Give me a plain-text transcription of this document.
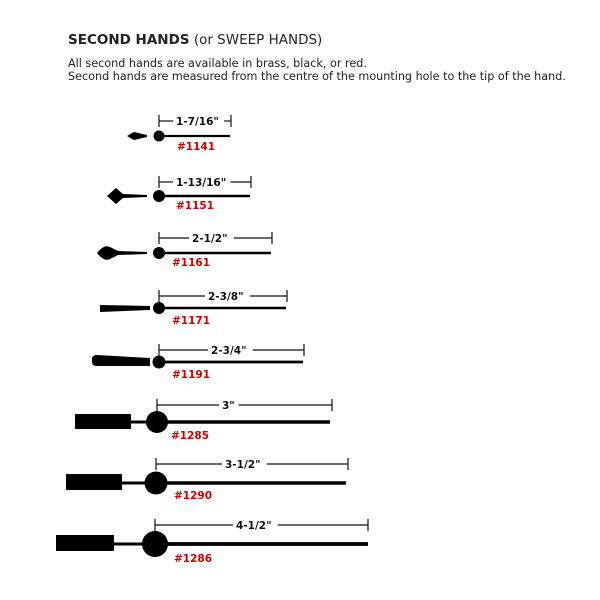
SECOND HANDS (or SWEEP HANDS)

All second hands are available in brass, black, or red.

Second hands are measured from the centre of the mounting hole to the tip of the hand.

1-7/16"
#1141
1-13/16"
#1151
2-1/2"
#1161
2-3/8"
#1171
2-3/4"
#1191
3"
#1285
3-1/2"
#1290
4-1/2"
#1286
